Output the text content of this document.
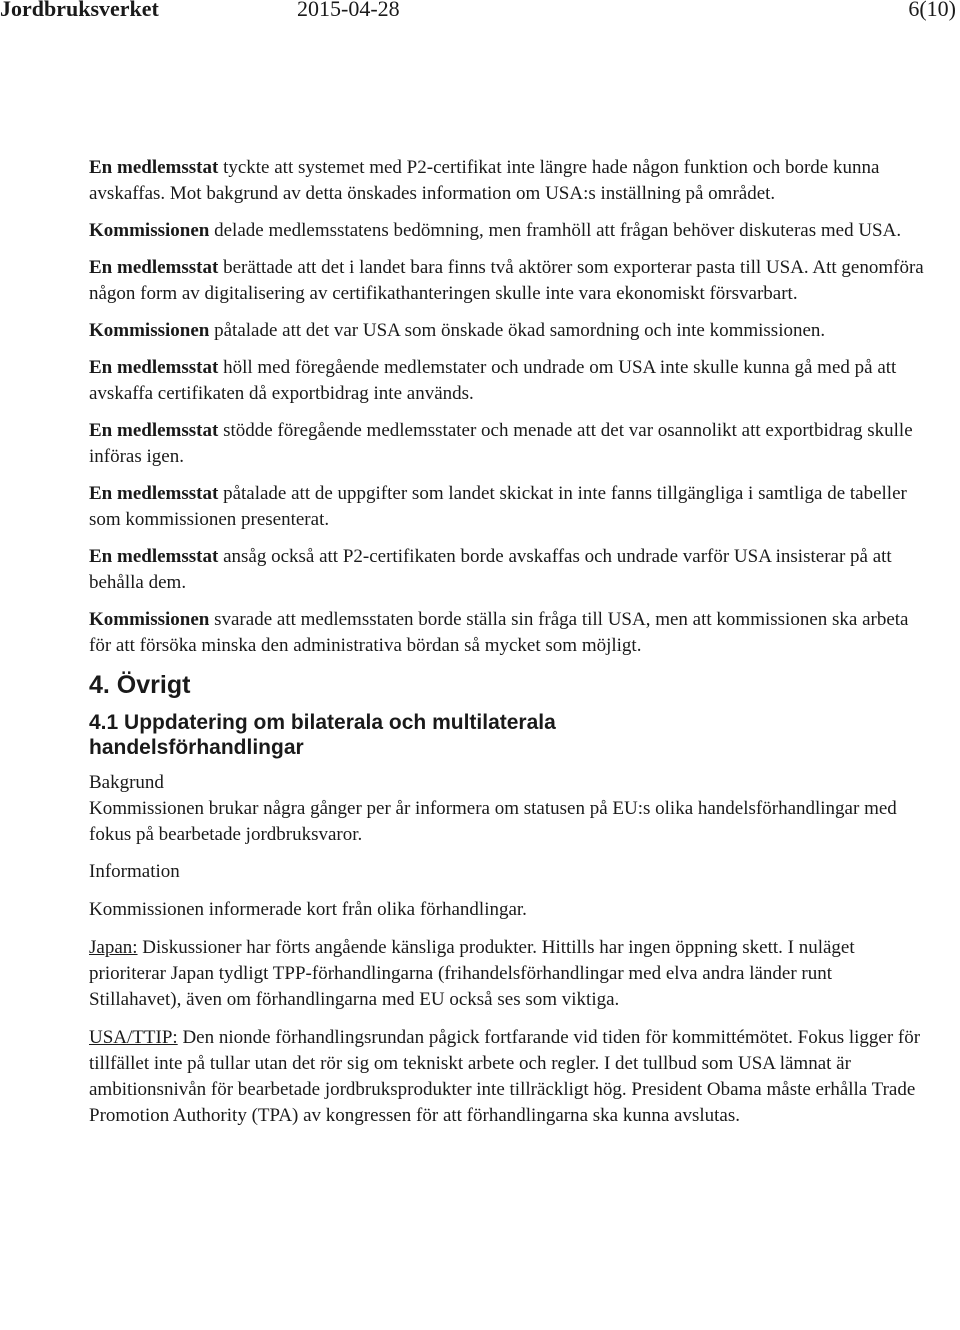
Jordbruksverket	2015-04-28	6(10)

En medlemsstat tyckte att systemet med P2-certifikat inte längre hade någon funktion och borde kunna avskaffas. Mot bakgrund av detta önskades information om USA:s inställning på området.

Kommissionen delade medlemsstatens bedömning, men framhöll att frågan behöver diskuteras med USA.

En medlemsstat berättade att det i landet bara finns två aktörer som exporterar pasta till USA. Att genomföra någon form av digitalisering av certifikathanteringen skulle inte vara ekonomiskt försvarbart.

Kommissionen påtalade att det var USA som önskade ökad samordning och inte kommissionen.

En medlemsstat höll med föregående medlemstater och undrade om USA inte skulle kunna gå med på att avskaffa certifikaten då exportbidrag inte används.

En medlemsstat stödde föregående medlemsstater och menade att det var osannolikt att exportbidrag skulle införas igen.

En medlemsstat påtalade att de uppgifter som landet skickat in inte fanns tillgängliga i samtliga de tabeller som kommissionen presenterat.

En medlemsstat ansåg också att P2-certifikaten borde avskaffas och undrade varför USA insisterar på att behålla dem.

Kommissionen svarade att medlemsstaten borde ställa sin fråga till USA, men att kommissionen ska arbeta för att försöka minska den administrativa bördan så mycket som möjligt.

4. Övrigt
4.1 Uppdatering om bilaterala och multilaterala handelsförhandlingar

Bakgrund

Kommissionen brukar några gånger per år informera om statusen på EU:s olika handelsförhandlingar med fokus på bearbetade jordbruksvaror.

Information

Kommissionen informerade kort från olika förhandlingar.

Japan: Diskussioner har förts angående känsliga produkter. Hittills har ingen öppning skett. I nuläget prioriterar Japan tydligt TPP-förhandlingarna (frihandelsförhandlingar med elva andra länder runt Stillahavet), även om förhandlingarna med EU också ses som viktiga.

USA/TTIP: Den nionde förhandlingsrundan pågick fortfarande vid tiden för kommittémötet. Fokus ligger för tillfället inte på tullar utan det rör sig om tekniskt arbete och regler. I det tullbud som USA lämnat är ambitionsnivån för bearbetade jordbruksprodukter inte tillräckligt hög. President Obama måste erhålla Trade Promotion Authority (TPA) av kongressen för att förhandlingarna ska kunna avslutas.
